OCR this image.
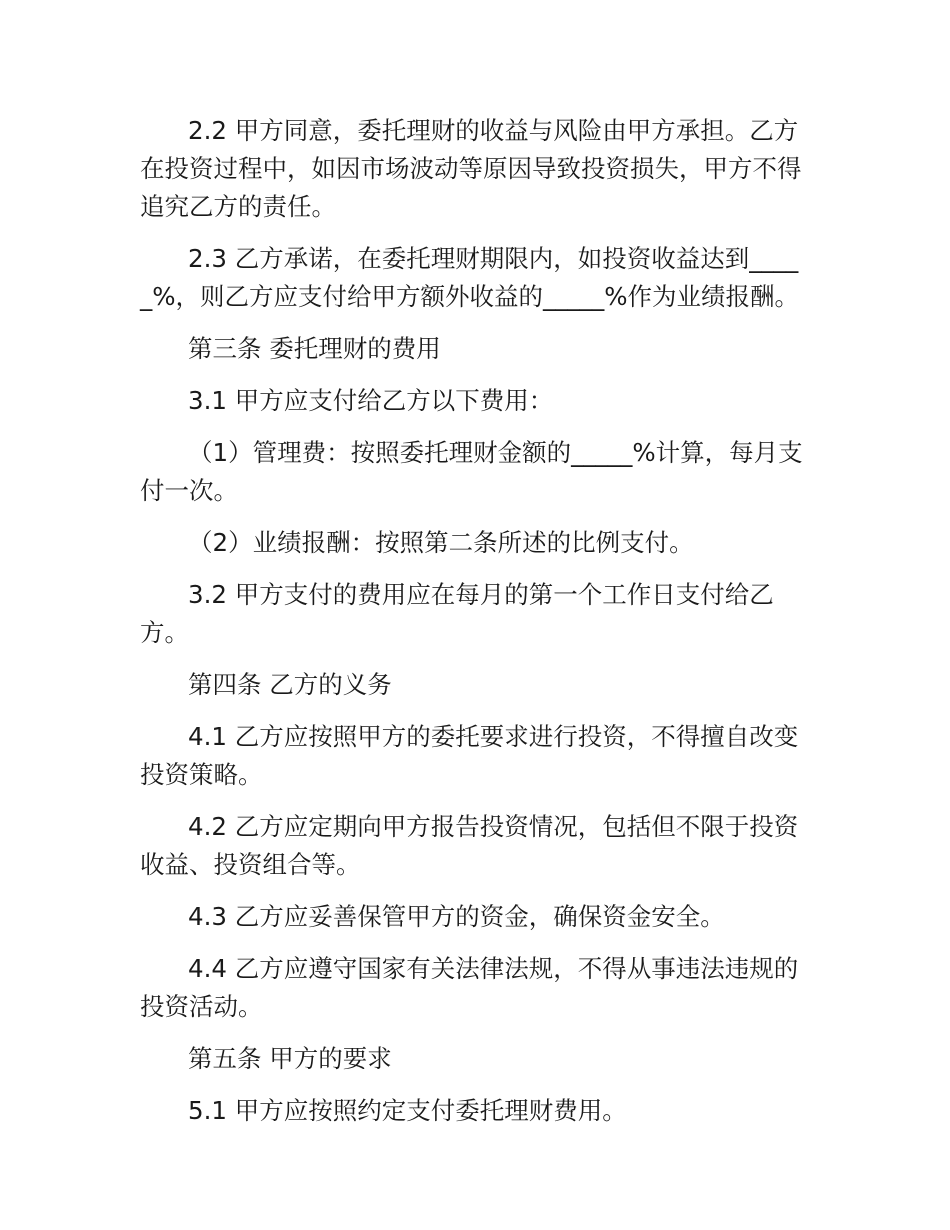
2.2 甲方同意，委托理财的收益与风险由甲方承担。乙方在投资过程中，如因市场波动等原因导致投资损失，甲方不得追究乙方的责任。

2.3 乙方承诺，在委托理财期限内，如投资收益达到_____%，则乙方应支付给甲方额外收益的_____%作为业绩报酬。

第三条 委托理财的费用

3.1 甲方应支付给乙方以下费用：

（1）管理费：按照委托理财金额的_____%计算，每月支付一次。

（2）业绩报酬：按照第二条所述的比例支付。

3.2 甲方支付的费用应在每月的第一个工作日支付给乙方。

第四条 乙方的义务

4.1 乙方应按照甲方的委托要求进行投资，不得擅自改变投资策略。

4.2 乙方应定期向甲方报告投资情况，包括但不限于投资收益、投资组合等。

4.3 乙方应妥善保管甲方的资金，确保资金安全。

4.4 乙方应遵守国家有关法律法规，不得从事违法违规的投资活动。

第五条 甲方的要求

5.1 甲方应按照约定支付委托理财费用。
